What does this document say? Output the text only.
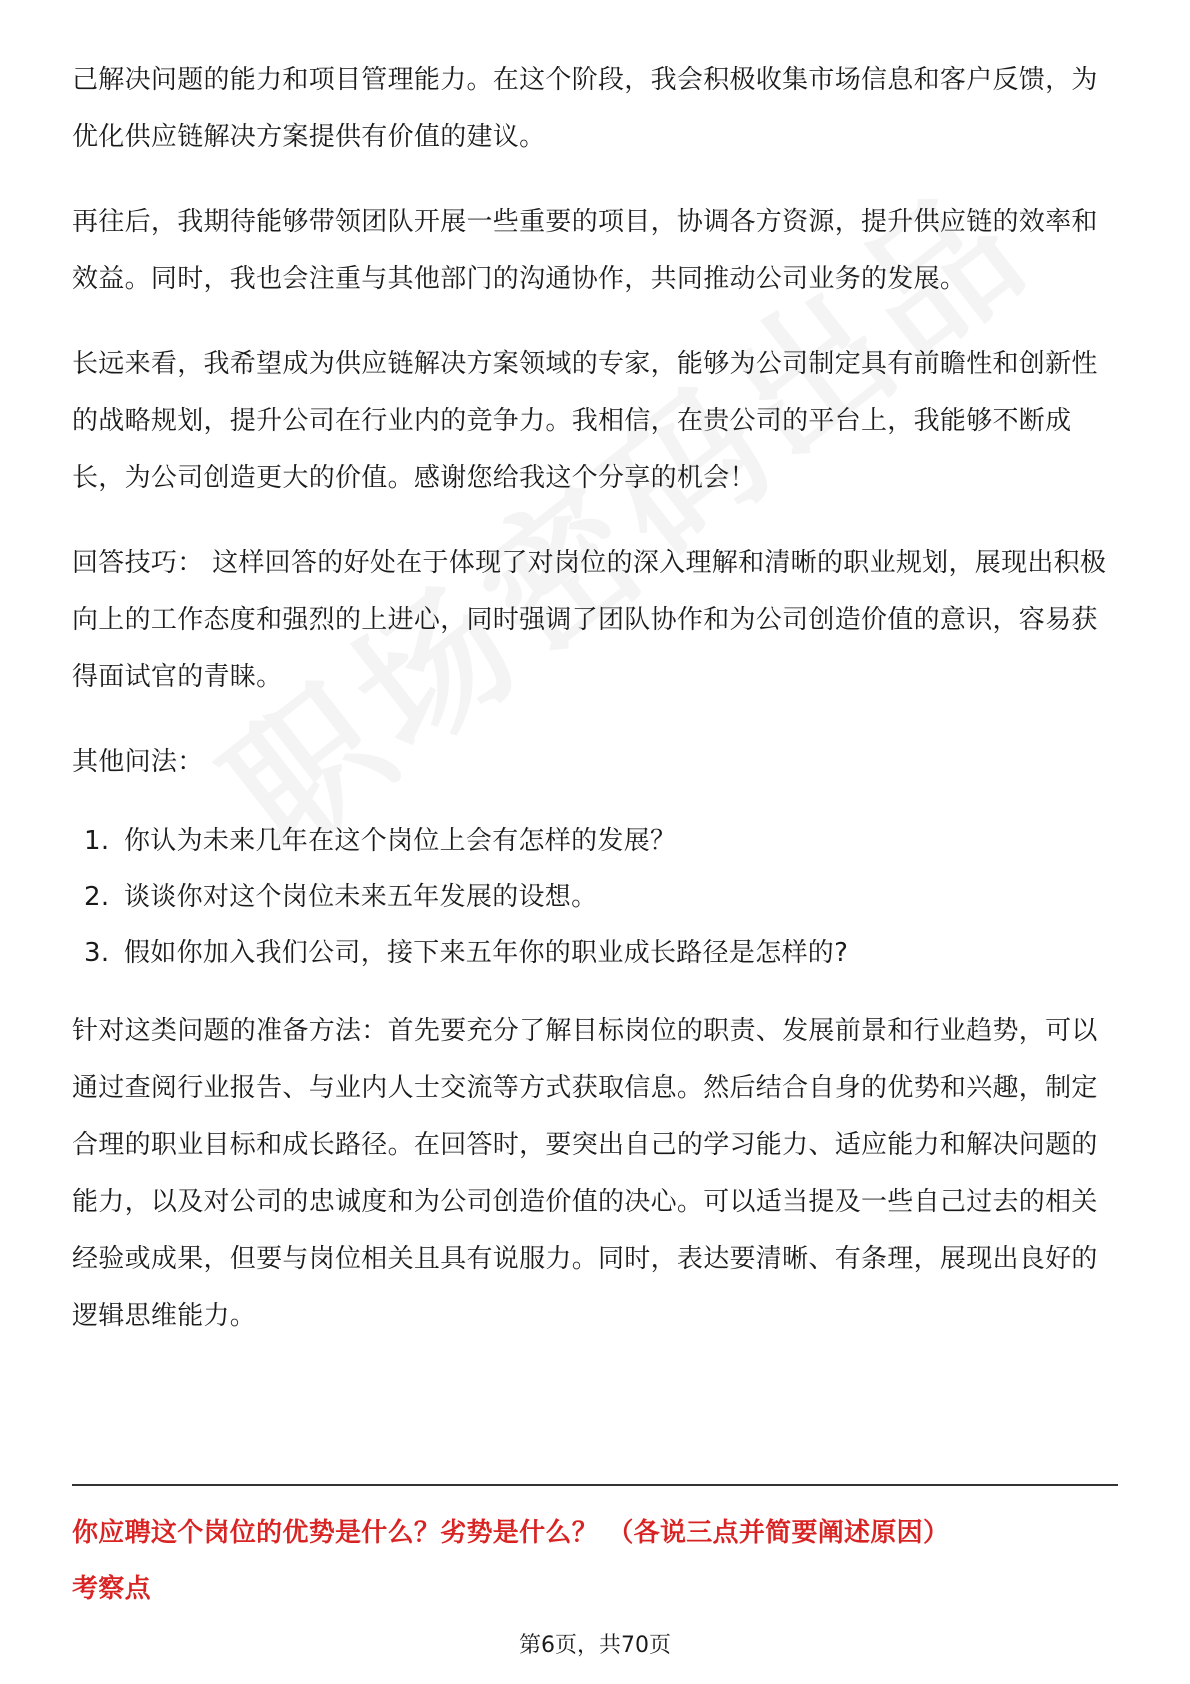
己解决问题的能力和项目管理能力。在这个阶段，我会积极收集市场信息和客户反馈，为优化供应链解决方案提供有价值的建议。

再往后，我期待能够带领团队开展一些重要的项目，协调各方资源，提升供应链的效率和效益。同时，我也会注重与其他部门的沟通协作，共同推动公司业务的发展。

长远来看，我希望成为供应链解决方案领域的专家，能够为公司制定具有前瞻性和创新性的战略规划，提升公司在行业内的竞争力。我相信，在贵公司的平台上，我能够不断成长，为公司创造更大的价值。感谢您给我这个分享的机会！

回答技巧： 这样回答的好处在于体现了对岗位的深入理解和清晰的职业规划，展现出积极向上的工作态度和强烈的上进心，同时强调了团队协作和为公司创造价值的意识，容易获得面试官的青睐。

其他问法：

1. 你认为未来几年在这个岗位上会有怎样的发展？
2. 谈谈你对这个岗位未来五年发展的设想。
3. 假如你加入我们公司，接下来五年你的职业成长路径是怎样的?

针对这类问题的准备方法：首先要充分了解目标岗位的职责、发展前景和行业趋势，可以通过查阅行业报告、与业内人士交流等方式获取信息。然后结合自身的优势和兴趣，制定合理的职业目标和成长路径。在回答时，要突出自己的学习能力、适应能力和解决问题的能力，以及对公司的忠诚度和为公司创造价值的决心。可以适当提及一些自己过去的相关经验或成果，但要与岗位相关且具有说服力。同时，表达要清晰、有条理，展现出良好的逻辑思维能力。

你应聘这个岗位的优势是什么？劣势是什么？ （各说三点并简要阐述原因）
考察点
第6页，共70页
